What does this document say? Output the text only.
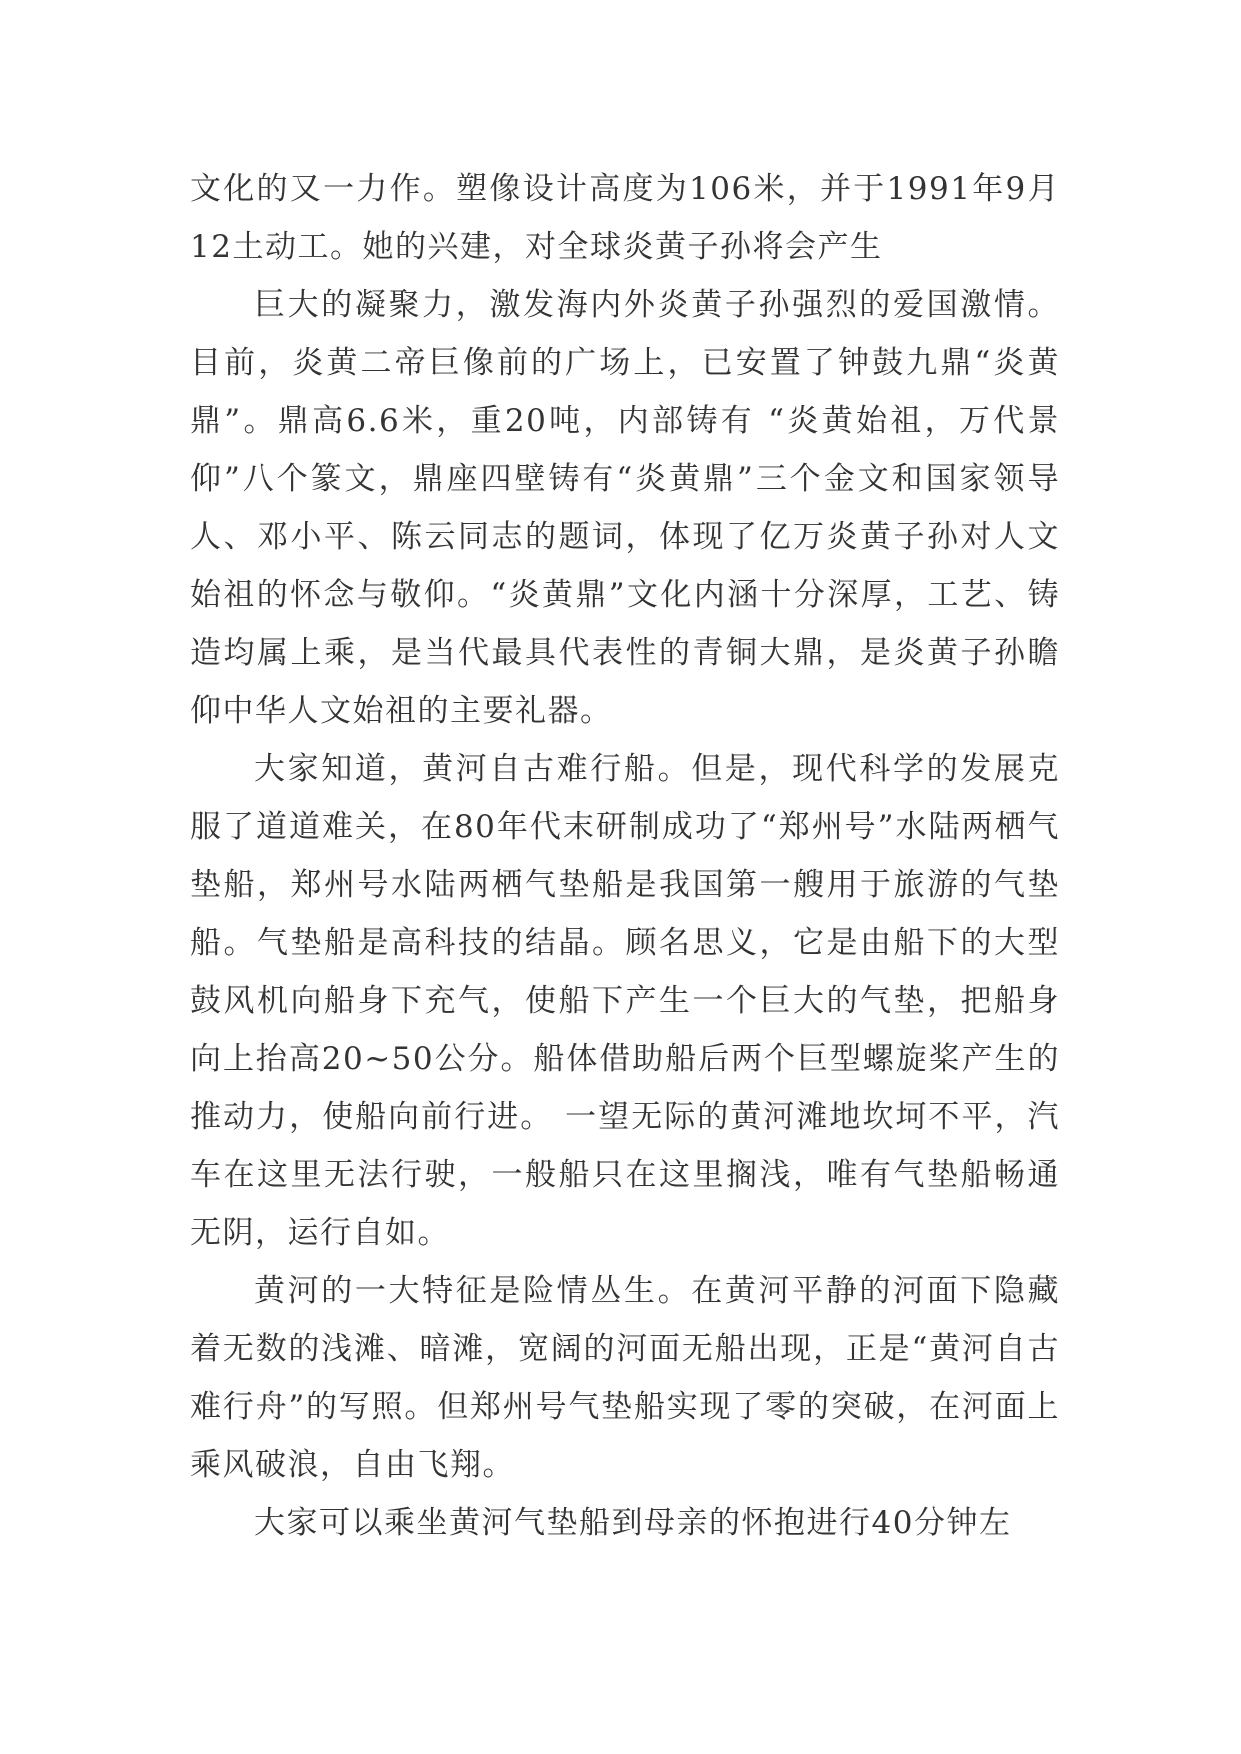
文化的又一力作。塑像设计高度为106米，并于1991年9月12土动工。她的兴建，对全球炎黄子孙将会产生

巨大的凝聚力，激发海内外炎黄子孙强烈的爱国激情。目前，炎黄二帝巨像前的广场上，已安置了钟鼓九鼎“炎黄鼎”。鼎高6.6米，重20吨，内部铸有 “炎黄始祖，万代景仰”八个篆文，鼎座四壁铸有“炎黄鼎”三个金文和国家领导人、邓小平、陈云同志的题词，体现了亿万炎黄子孙对人文始祖的怀念与敬仰。“炎黄鼎”文化内涵十分深厚，工艺、铸造均属上乘，是当代最具代表性的青铜大鼎，是炎黄子孙瞻仰中华人文始祖的主要礼器。

大家知道，黄河自古难行船。但是，现代科学的发展克服了道道难关，在80年代末研制成功了“郑州号”水陆两栖气垫船，郑州号水陆两栖气垫船是我国第一艘用于旅游的气垫船。气垫船是高科技的结晶。顾名思义，它是由船下的大型鼓风机向船身下充气，使船下产生一个巨大的气垫，把船身向上抬高20~50公分。船体借助船后两个巨型螺旋桨产生的推动力，使船向前行进。 一望无际的黄河滩地坎坷不平，汽车在这里无法行驶，一般船只在这里搁浅，唯有气垫船畅通无阴，运行自如。

黄河的一大特征是险情丛生。在黄河平静的河面下隐藏着无数的浅滩、暗滩，宽阔的河面无船出现，正是“黄河自古难行舟”的写照。但郑州号气垫船实现了零的突破，在河面上乘风破浪，自由飞翔。

大家可以乘坐黄河气垫船到母亲的怀抱进行40分钟左
